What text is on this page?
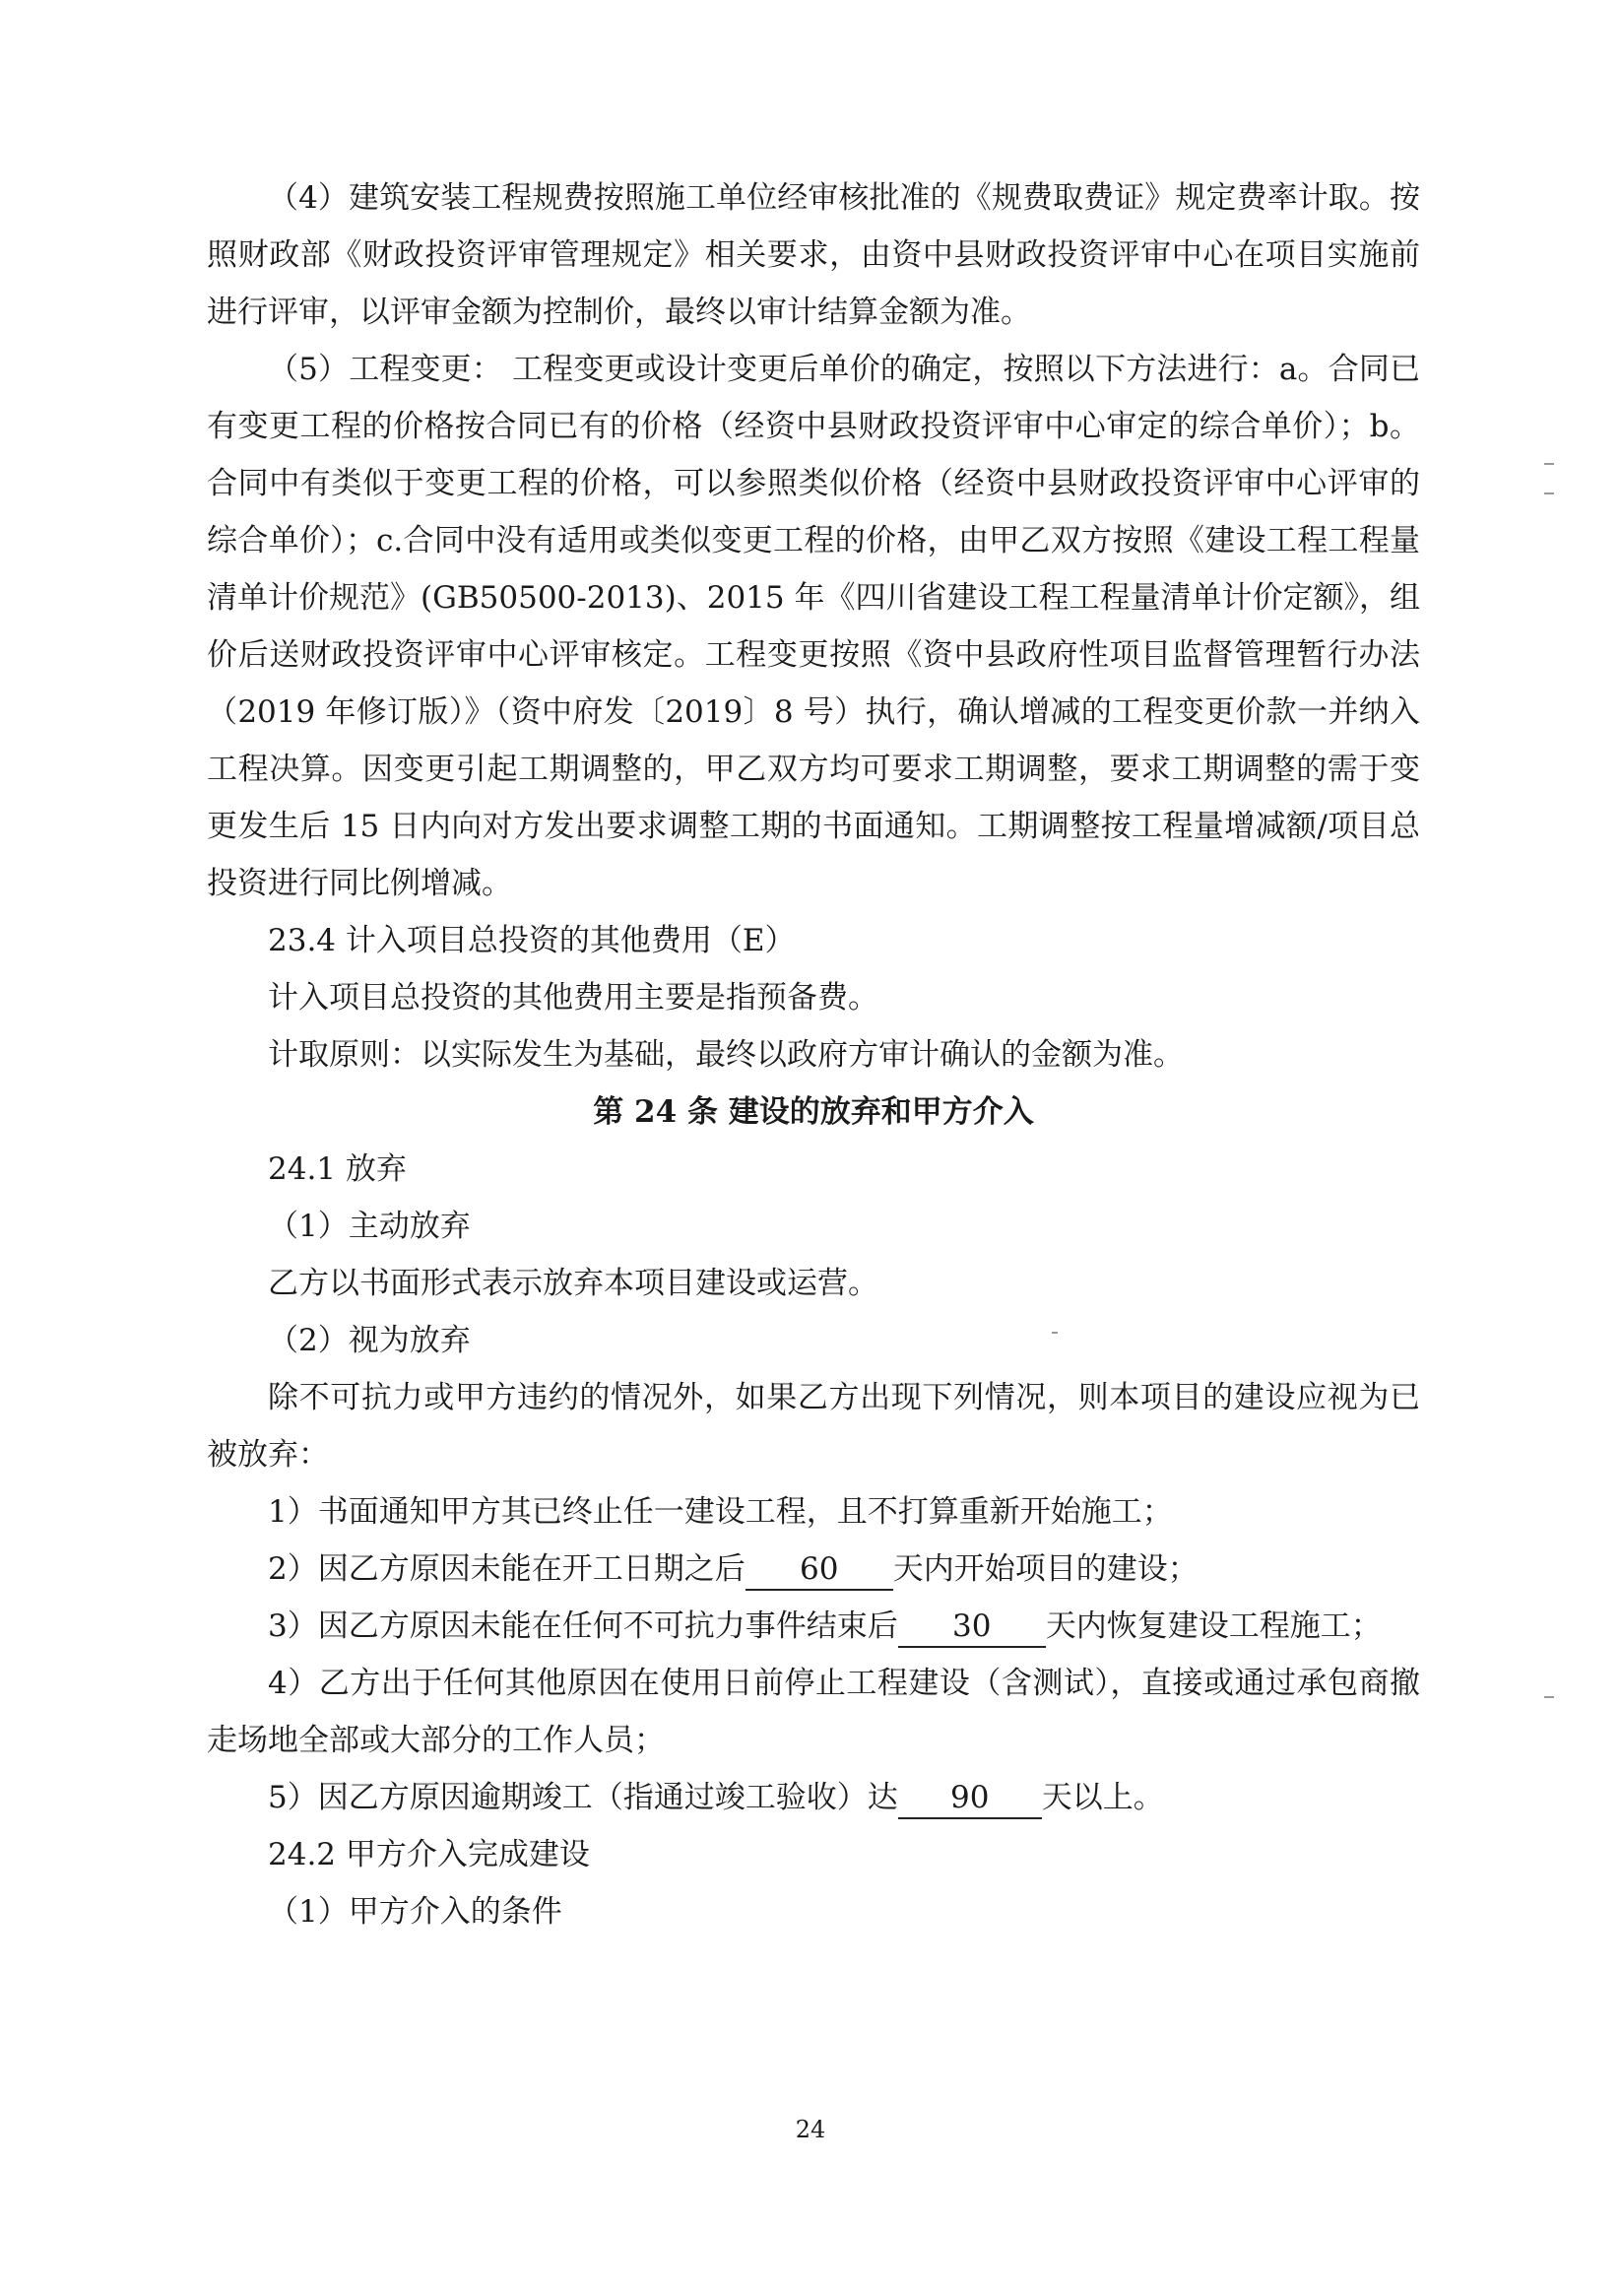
（4）建筑安装工程规费按照施工单位经审核批准的《规费取费证》规定费率计取。按照财政部《财政投资评审管理规定》相关要求，由资中县财政投资评审中心在项目实施前进行评审，以评审金额为控制价，最终以审计结算金额为准。

（5）工程变更： 工程变更或设计变更后单价的确定，按照以下方法进行：a。合同已有变更工程的价格按合同已有的价格（经资中县财政投资评审中心审定的综合单价）；b。合同中有类似于变更工程的价格，可以参照类似价格（经资中县财政投资评审中心评审的综合单价）；c.合同中没有适用或类似变更工程的价格，由甲乙双方按照《建设工程工程量清单计价规范》(GB50500-2013)、2015 年《四川省建设工程工程量清单计价定额》，组价后送财政投资评审中心评审核定。工程变更按照《资中县政府性项目监督管理暂行办法（2019 年修订版）》（资中府发〔2019〕8 号）执行，确认增减的工程变更价款一并纳入工程决算。因变更引起工期调整的，甲乙双方均可要求工期调整，要求工期调整的需于变更发生后 15 日内向对方发出要求调整工期的书面通知。工期调整按工程量增减额/项目总投资进行同比例增减。

23.4 计入项目总投资的其他费用（E）

计入项目总投资的其他费用主要是指预备费。

计取原则：以实际发生为基础，最终以政府方审计确认的金额为准。

第 24 条 建设的放弃和甲方介入

24.1 放弃

（1）主动放弃

乙方以书面形式表示放弃本项目建设或运营。

（2）视为放弃

除不可抗力或甲方违约的情况外，如果乙方出现下列情况，则本项目的建设应视为已被放弃：

1）书面通知甲方其已终止任一建设工程，且不打算重新开始施工；

2）因乙方原因未能在开工日期之后 60 天内开始项目的建设；

3）因乙方原因未能在任何不可抗力事件结束后 30 天内恢复建设工程施工；

4）乙方出于任何其他原因在使用日前停止工程建设（含测试），直接或通过承包商撤走场地全部或大部分的工作人员；

5）因乙方原因逾期竣工（指通过竣工验收）达 90 天以上。

24.2 甲方介入完成建设

（1）甲方介入的条件

24
